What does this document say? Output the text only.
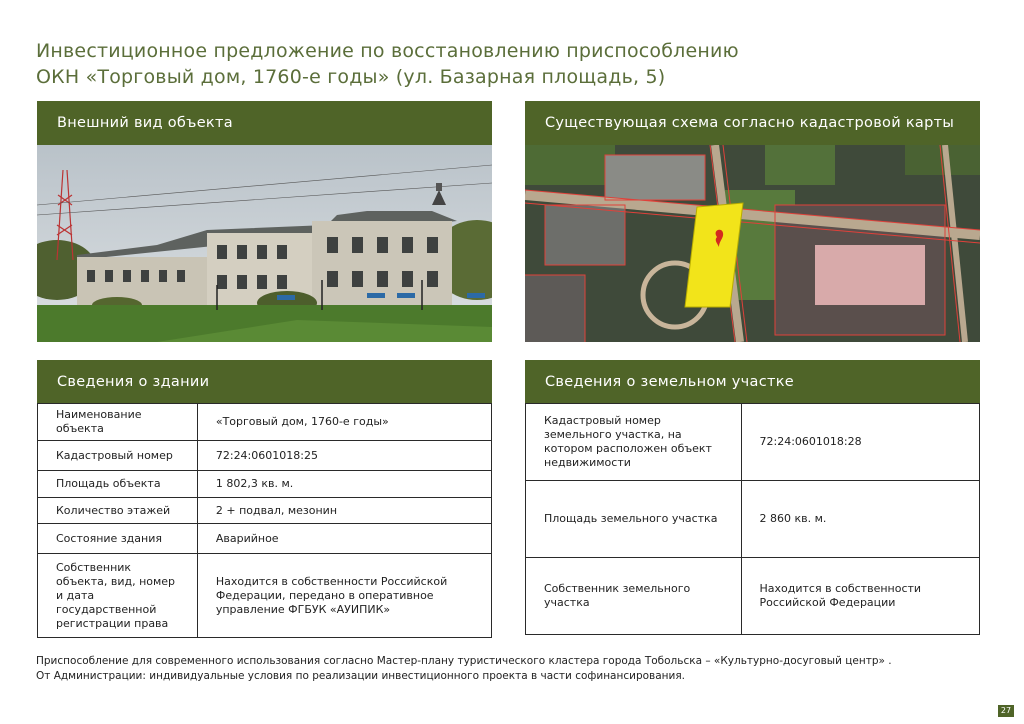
Инвестиционное предложение по восстановлению приспособлению
ОКН «Торговый дом, 1760-е годы» (ул. Базарная площадь, 5)
Внешний вид объекта	Существующая схема согласно кадастровой карты
Сведения о здании
Наименование объекта	«Торговый дом, 1760-е годы»
Кадастровый номер	72:24:0601018:25
Площадь объекта	1 802,3 кв. м.
Количество этажей	2 + подвал, мезонин
Состояние здания	Аварийное
Собственник объекта, вид, номер и дата государственной регистрации права	Находится в собственности Российской Федерации, передано в оперативное управление ФГБУК «АУИПИК»
Сведения о земельном участке
Кадастровый номер земельного участка, на котором расположен объект недвижимости	72:24:0601018:28
Площадь земельного участка	2 860 кв. м.
Собственник земельного участка	Находится в собственности Российской Федерации
Приспособление для современного использования согласно Мастер-плану туристического кластера города Тобольска – «Культурно-досуговый центр» .
От Администрации: индивидуальные условия по реализации инвестиционного проекта в части софинансирования.
27
